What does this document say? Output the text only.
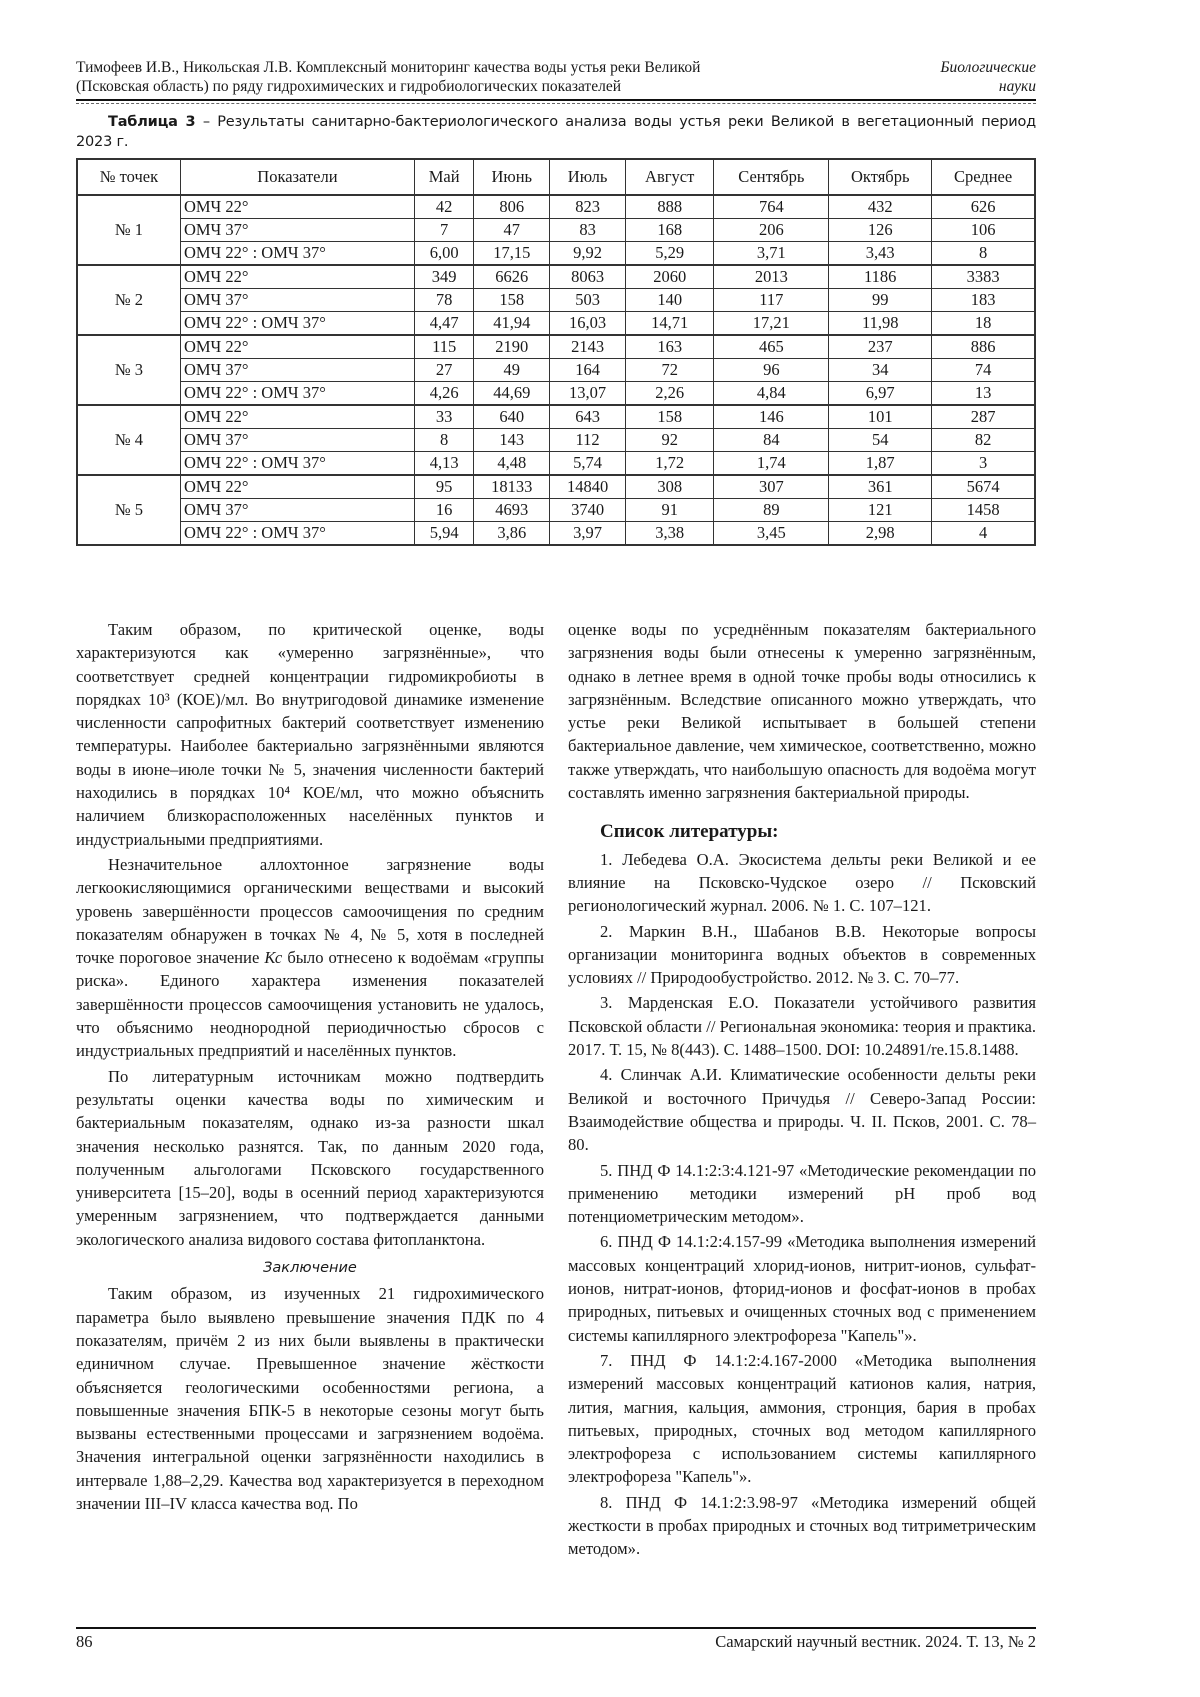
Тимофеев И.В., Никольская Л.В. Комплексный мониторинг качества воды устья реки Великой
(Псковская область) по ряду гидрохимических и гидробиологических показателей
Биологические
науки
Таблица 3 – Результаты санитарно-бактериологического анализа воды устья реки Великой в вегетационный период 2023 г.
№ точек	Показатели	Май	Июнь	Июль	Август	Сентябрь	Октябрь	Среднее
№ 1	ОМЧ 22°	42	806	823	888	764	432	626
	ОМЧ 37°	7	47	83	168	206	126	106
	ОМЧ 22° : ОМЧ 37°	6,00	17,15	9,92	5,29	3,71	3,43	8
№ 2	ОМЧ 22°	349	6626	8063	2060	2013	1186	3383
	ОМЧ 37°	78	158	503	140	117	99	183
	ОМЧ 22° : ОМЧ 37°	4,47	41,94	16,03	14,71	17,21	11,98	18
№ 3	ОМЧ 22°	115	2190	2143	163	465	237	886
	ОМЧ 37°	27	49	164	72	96	34	74
	ОМЧ 22° : ОМЧ 37°	4,26	44,69	13,07	2,26	4,84	6,97	13
№ 4	ОМЧ 22°	33	640	643	158	146	101	287
	ОМЧ 37°	8	143	112	92	84	54	82
	ОМЧ 22° : ОМЧ 37°	4,13	4,48	5,74	1,72	1,74	1,87	3
№ 5	ОМЧ 22°	95	18133	14840	308	307	361	5674
	ОМЧ 37°	16	4693	3740	91	89	121	1458
	ОМЧ 22° : ОМЧ 37°	5,94	3,86	3,97	3,38	3,45	2,98	4

Таким образом, по критической оценке, воды характеризуются как «умеренно загрязнённые», что соответствует средней концентрации гидромикробиоты в порядках 10³ (КОЕ)/мл. Во внутригодовой динамике изменение численности сапрофитных бактерий соответствует изменению температуры. Наиболее бактериально загрязнёнными являются воды в июне–июле точки № 5, значения численности бактерий находились в порядках 10⁴ КОЕ/мл, что можно объяснить наличием близкорасположенных населённых пунктов и индустриальными предприятиями.

Незначительное аллохтонное загрязнение воды легкоокисляющимися органическими веществами и высокий уровень завершённости процессов самоочищения по средним показателям обнаружен в точках № 4, № 5, хотя в последней точке пороговое значение Кс было отнесено к водоёмам «группы риска». Единого характера изменения показателей завершённости процессов самоочищения установить не удалось, что объяснимо неоднородной периодичностью сбросов с индустриальных предприятий и населённых пунктов.

По литературным источникам можно подтвердить результаты оценки качества воды по химическим и бактериальным показателям, однако из-за разности шкал значения несколько разнятся. Так, по данным 2020 года, полученным альгологами Псковского государственного университета [15–20], воды в осенний период характеризуются умеренным загрязнением, что подтверждается данными экологического анализа видового состава фитопланктона.

Заключение

Таким образом, из изученных 21 гидрохимического параметра было выявлено превышение значения ПДК по 4 показателям, причём 2 из них были выявлены в практически единичном случае. Превышенное значение жёсткости объясняется геологическими особенностями региона, а повышенные значения БПК-5 в некоторые сезоны могут быть вызваны естественными процессами и загрязнением водоёма. Значения интегральной оценки загрязнённости находились в интервале 1,88–2,29. Качества вод характеризуется в переходном значении III–IV класса качества вод. По

оценке воды по усреднённым показателям бактериального загрязнения воды были отнесены к умеренно загрязнённым, однако в летнее время в одной точке пробы воды относились к загрязнённым. Вследствие описанного можно утверждать, что устье реки Великой испытывает в большей степени бактериальное давление, чем химическое, соответственно, можно также утверждать, что наибольшую опасность для водоёма могут составлять именно загрязнения бактериальной природы.

Список литературы:

1. Лебедева О.А. Экосистема дельты реки Великой и ее влияние на Псковско-Чудское озеро // Псковский регионологический журнал. 2006. № 1. С. 107–121.

2. Маркин В.Н., Шабанов В.В. Некоторые вопросы организации мониторинга водных объектов в современных условиях // Природообустройство. 2012. № 3. С. 70–77.

3. Марденская Е.О. Показатели устойчивого развития Псковской области // Региональная экономика: теория и практика. 2017. Т. 15, № 8(443). С. 1488–1500. DOI: 10.24891/re.15.8.1488.

4. Слинчак А.И. Климатические особенности дельты реки Великой и восточного Причудья // Северо-Запад России: Взаимодействие общества и природы. Ч. II. Псков, 2001. С. 78–80.

5. ПНД Ф 14.1:2:3:4.121-97 «Методические рекомендации по применению методики измерений pH проб вод потенциометрическим методом».

6. ПНД Ф 14.1:2:4.157-99 «Методика выполнения измерений массовых концентраций хлорид-ионов, нитрит-ионов, сульфат-ионов, нитрат-ионов, фторид-ионов и фосфат-ионов в пробах природных, питьевых и очищенных сточных вод с применением системы капиллярного электрофореза "Капель"».

7. ПНД Ф 14.1:2:4.167-2000 «Методика выполнения измерений массовых концентраций катионов калия, натрия, лития, магния, кальция, аммония, стронция, бария в пробах питьевых, природных, сточных вод методом капиллярного электрофореза с использованием системы капиллярного электрофореза "Капель"».

8. ПНД Ф 14.1:2:3.98-97 «Методика измерений общей жесткости в пробах природных и сточных вод титриметрическим методом».

86	Самарский научный вестник. 2024. Т. 13, № 2
